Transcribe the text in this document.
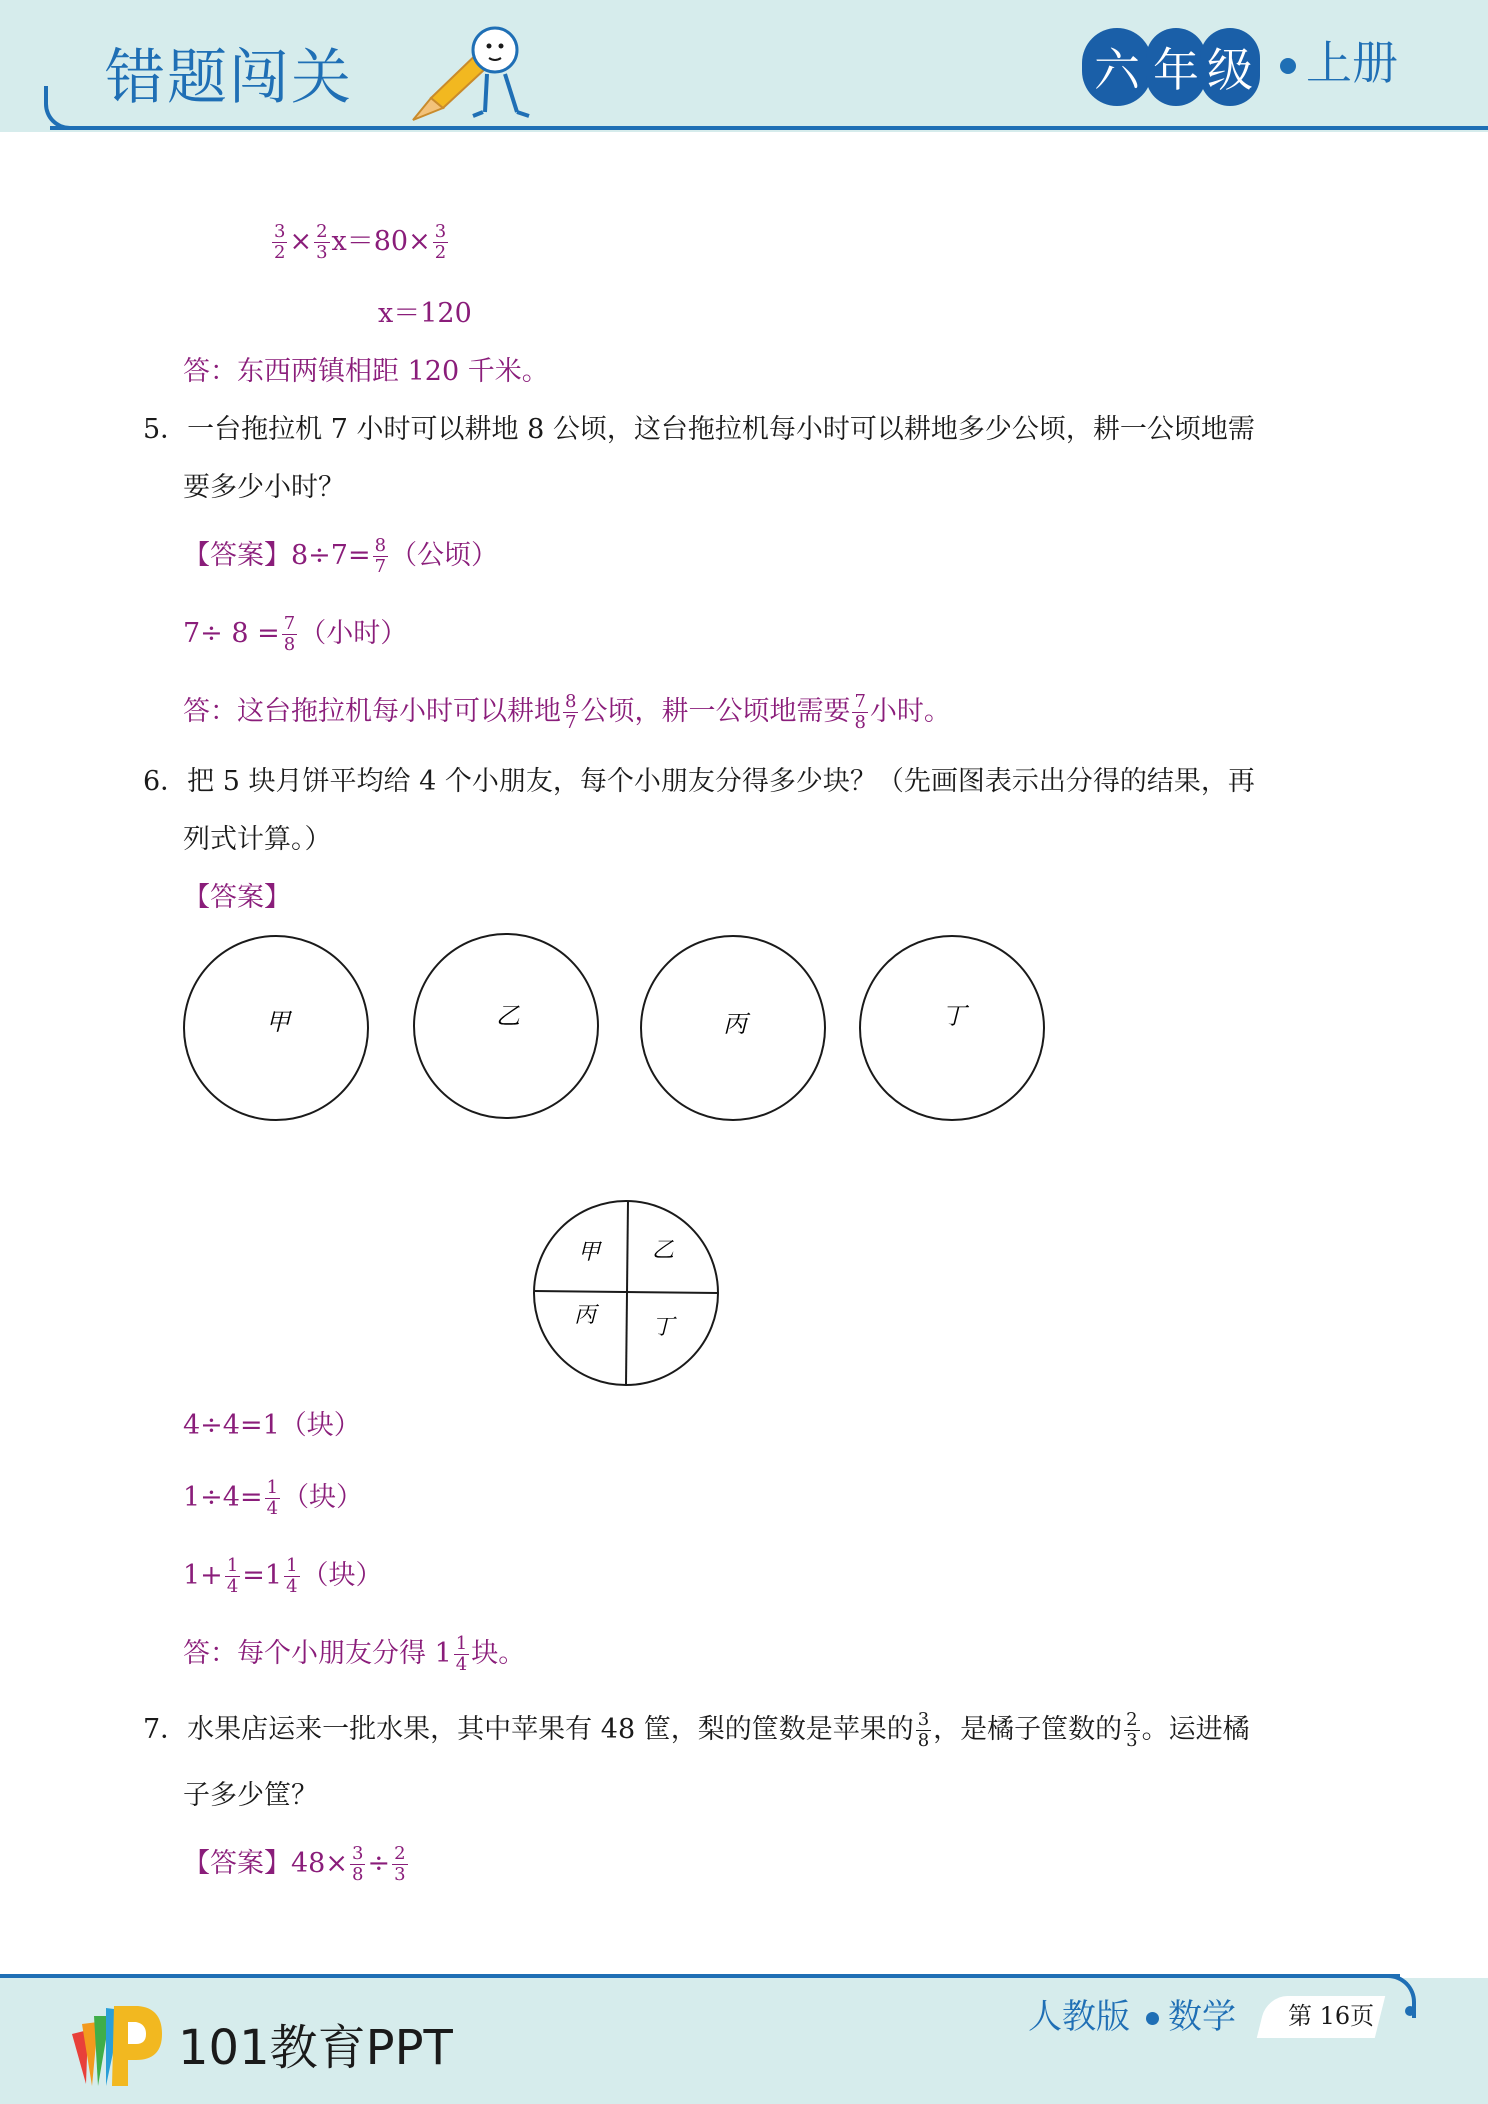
错题闯关	六 年 级 上册
$\frac{3}{2} \times \frac{2}{3} x=80\times \frac{3}{2}$
x＝120
答：东西两镇相距 120 千米。
5．一台拖拉机 7 小时可以耕地 8 公顷，这台拖拉机每小时可以耕地多少公顷，耕一公顷地需
要多少小时？
【答案】$8\div 7= \frac{8}{7}$ （公顷）
$7\div 8 = \frac{7}{8}$ （小时）
答：这台拖拉机每小时可以耕地 $\frac{8}{7}$ 公顷，耕一公顷地需要 $\frac{7}{8}$ 小时。
6．把 5 块月饼平均给 4 个小朋友，每个小朋友分得多少块？（先画图表示出分得的结果，再
列式计算。）
【答案】
甲	乙	丙	丁
甲 乙
丙	丁
4÷4=1（块）
$1\div 4= \frac{1}{4}$ （块）
$1+ \frac{1}{4} =1 \frac{1}{4}$ （块）
答：每个小朋友分得 $1 \frac{1}{4}$ 块。
7．水果店运来一批水果，其中苹果有 48 筐，梨的筐数是苹果的 $\frac{3}{8}$ ，是橘子筐数的 $\frac{2}{3}$ 。运进橘
子多少筐？
【答案】$48\times \frac{3}{8} \div \frac{2}{3}$
101教育PPT
人教版 数学 第 16页
